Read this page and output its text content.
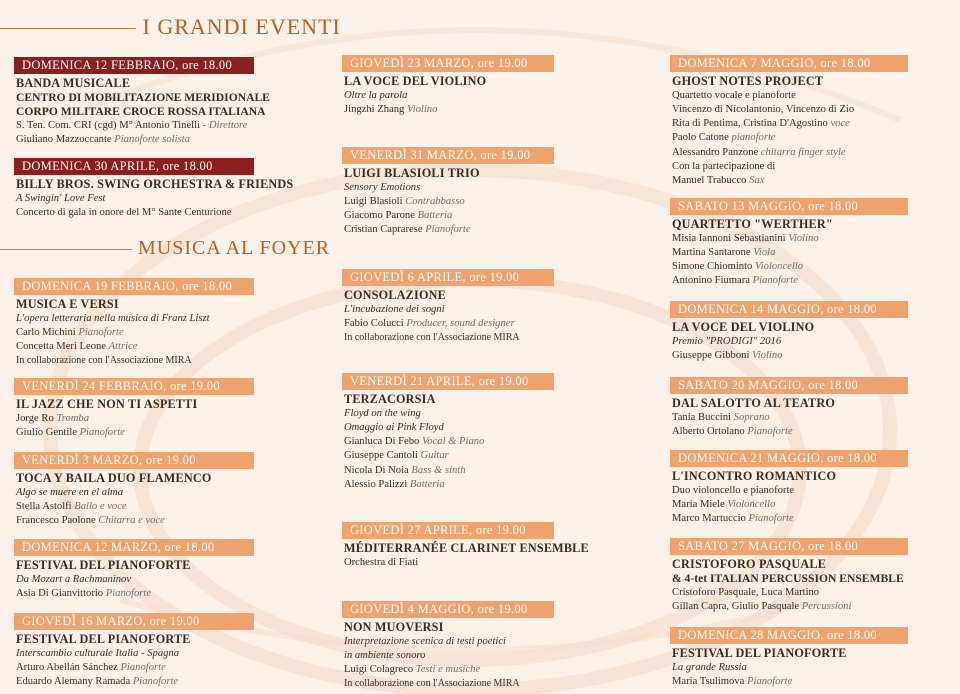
I GRANDI EVENTI
MUSICA AL FOYER
DOMENICA 12 FEBBRAIO, ore 18.00
BANDA MUSICALE
CENTRO DI MOBILITAZIONE MERIDIONALE
CORPO MILITARE CROCE ROSSA ITALIANA
S. Ten. Com. CRI (cgd) M° Antonio Tinelli - Direttore
Giuliano Mazzoccante Pianoforte solista
DOMENICA 30 APRILE, ore 18.00
BILLY BROS. SWING ORCHESTRA & FRIENDS
A Swingin' Love Fest
Concerto di gala in onore del M° Sante Centurione
DOMENICA 19 FEBBRAIO, ore 18.00
MUSICA E VERSI
L'opera letteraria nella musica di Franz Liszt
Carlo Michini Pianoforte
Concetta Meri Leone Attrice
In collaborazione con l'Associazione MIRA
VENERDÌ 24 FEBBRAIO, ore 19.00
IL JAZZ CHE NON TI ASPETTI
Jorge Ro Tromba
Giulio Gentile Pianoforte
VENERDÌ 3 MARZO, ore 19.00
TOCA Y BAILA DUO FLAMENCO
Algo se muere en el alma
Stella Astolfi Ballo e voce
Francesco Paolone Chitarra e voce
DOMENICA 12 MARZO, ore 18.00
FESTIVAL DEL PIANOFORTE
Da Mozart a Rachmaninov
Asia Di Gianvittorio Pianoforte
GIOVEDÌ 16 MARZO, ore 19.00
FESTIVAL DEL PIANOFORTE
Interscambio culturale Italia - Spagna
Arturo Abellán Sánchez Pianoforte
Eduardo Alemany Ramada Pianoforte
GIOVEDÌ 23 MARZO, ore 19.00
LA VOCE DEL VIOLINO
Oltre la parola
Jingzhi Zhang Violino
VENERDÌ 31 MARZO, ore 19.00
LUIGI BLASIOLI TRIO
Sensory Emotions
Luigi Blasioli Contrabbasso
Giacomo Parone Batteria
Cristian Caprarese Pianoforte
GIOVEDÌ 6 APRILE, ore 19.00
CONSOLAZIONE
L'incubazione dei sogni
Fabio Colucci Producer, sound designer
In collaborazione con l'Associazione MIRA
VENERDÌ 21 APRILE, ore 19.00
TERZACORSIA
Floyd on the wing
Omaggio ai Pink Floyd
Gianluca Di Febo Vocal & Piano
Giuseppe Cantoli Guitar
Nicola Di Noia Bass & sinth
Alessio Palizzi Batteria
GIOVEDÌ 27 APRILE, ore 19.00
MÉDITERRANÉE CLARINET ENSEMBLE
Orchestra di Fiati
GIOVEDÌ 4 MAGGIO, ore 19.00
NON MUOVERSI
Interpretazione scenica di testi poetici
in ambiente sonoro
Luigi Colagreco Testi e musiche
In collaborazione con l'Associazione MIRA
DOMENICA 7 MAGGIO, ore 18.00
GHOST NOTES PROJECT
Quartetto vocale e pianoforte
Vincenzo di Nicolantonio, Vincenzo di Zio
Rita di Pentima, Cristina D'Agostino voce
Paolo Catone pianoforte
Alessandro Panzone chitarra finger style
Con la partecipazione di
Manuel Trabucco Sax
SABATO 13 MAGGIO, ore 18.00
QUARTETTO "WERTHER"
Misia Iannoni Sebastianini Violino
Martina Santarone Viola
Simone Chiominto Violoncello
Antonino Fiumara Pianoforte
DOMENICA 14 MAGGIO, ore 18.00
LA VOCE DEL VIOLINO
Premio "PRODIGI" 2016
Giuseppe Gibboni Violino
SABATO 20 MAGGIO, ore 18.00
DAL SALOTTO AL TEATRO
Tania Buccini Soprano
Alberto Ortolano Pianoforte
DOMENICA 21 MAGGIO, ore 18.00
L'INCONTRO ROMANTICO
Duo violoncello e pianoforte
Maria Miele Violoncello
Marco Martuccio Pianoforte
SABATO 27 MAGGIO, ore 18.00
CRISTOFORO PASQUALE
& 4-tet ITALIAN PERCUSSION ENSEMBLE
Cristoforo Pasquale, Luca Martino
Gillan Capra, Giulio Pasquale Percussioni
DOMENICA 28 MAGGIO, ore 18.00
FESTIVAL DEL PIANOFORTE
La grande Russia
Maria Tsulimova Pianoforte
